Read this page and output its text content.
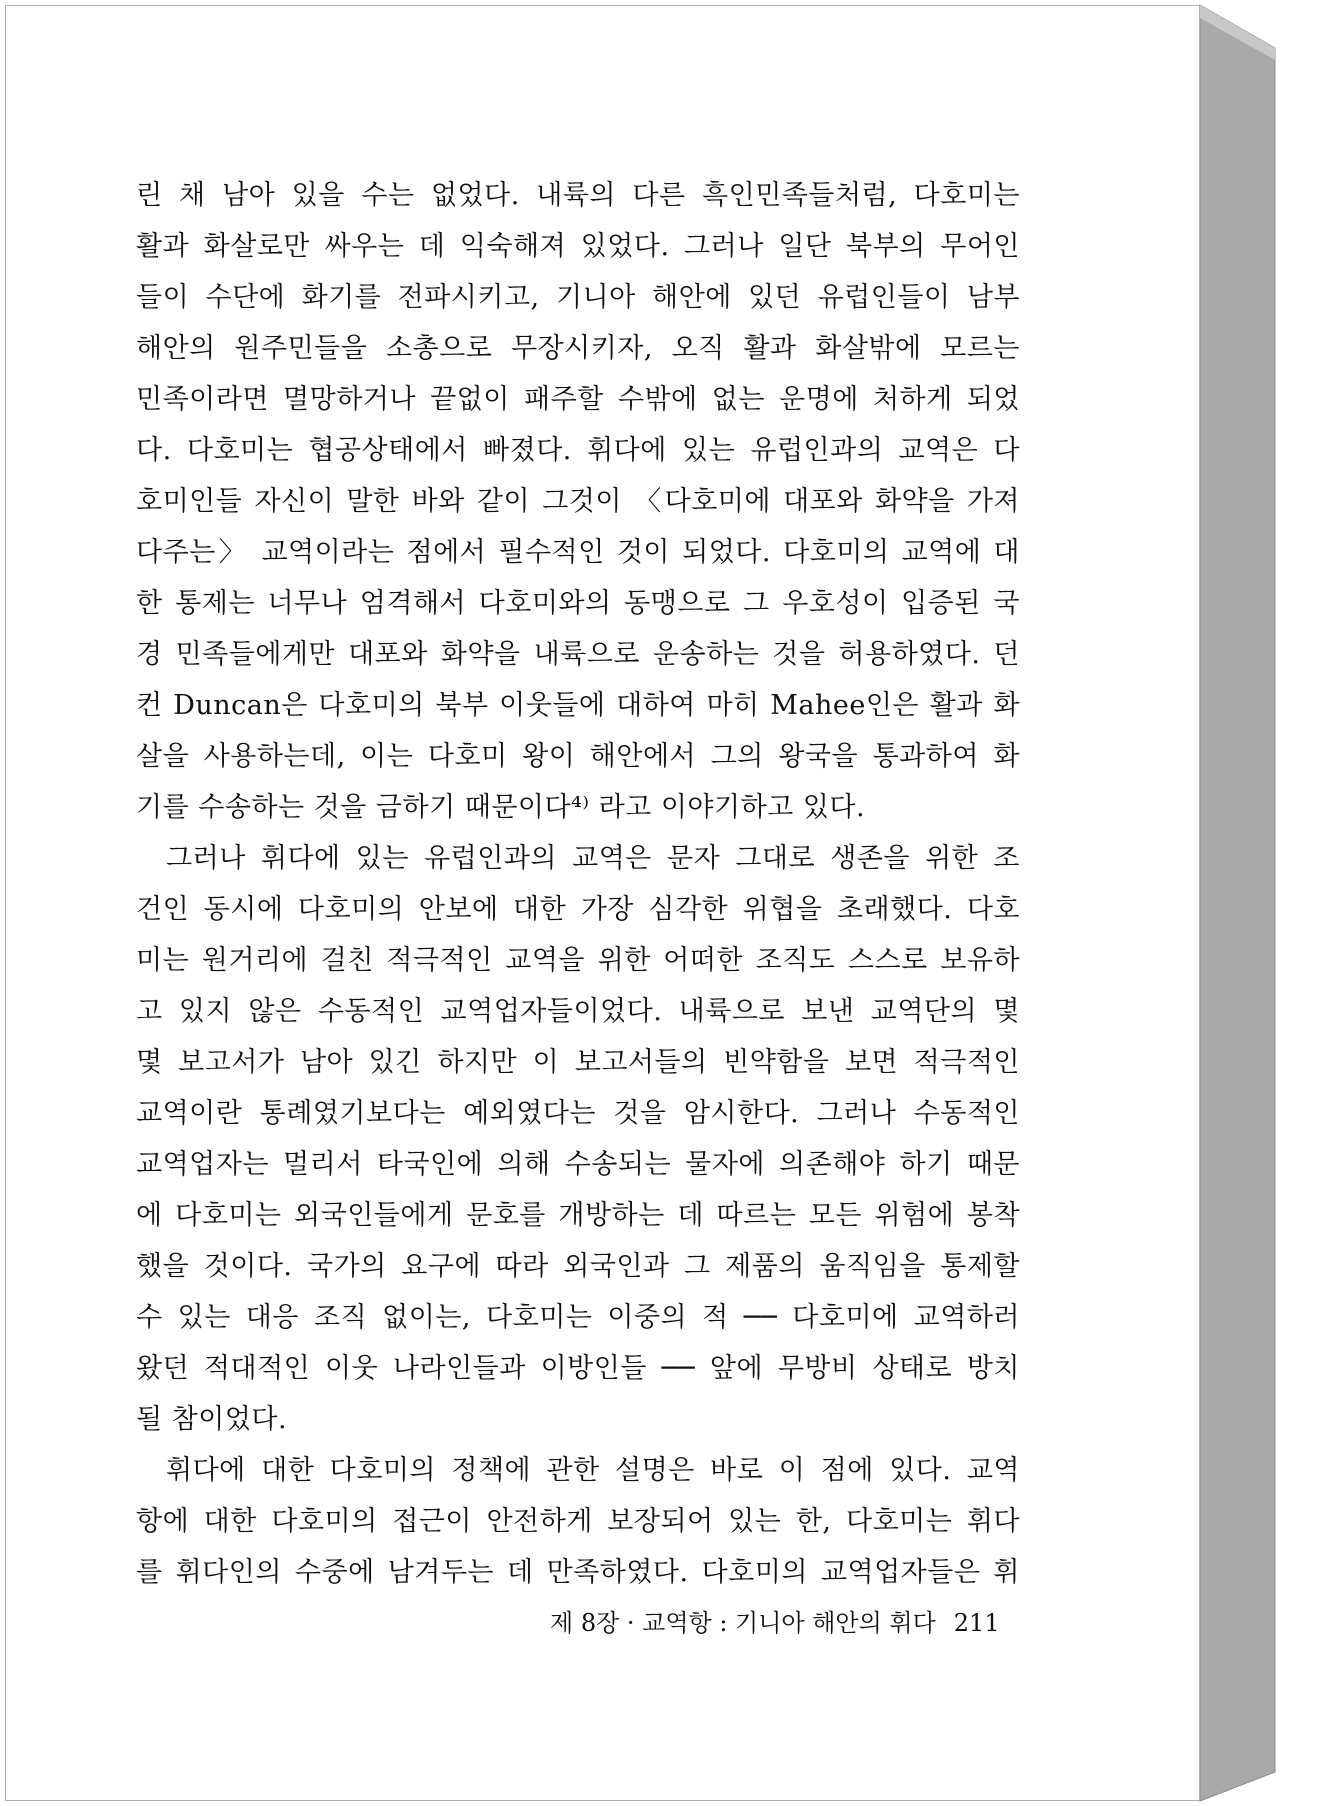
린 채 남아 있을 수는 없었다. 내륙의 다른 흑인민족들처럼, 다호미는
활과 화살로만 싸우는 데 익숙해져 있었다. 그러나 일단 북부의 무어인
들이 수단에 화기를 전파시키고, 기니아 해안에 있던 유럽인들이 남부
해안의 원주민들을 소총으로 무장시키자, 오직 활과 화살밖에 모르는
민족이라면 멸망하거나 끝없이 패주할 수밖에 없는 운명에 처하게 되었
다. 다호미는 협공상태에서 빠졌다. 휘다에 있는 유럽인과의 교역은 다
호미인들 자신이 말한 바와 같이 그것이 〈다호미에 대포와 화약을 가져
다주는〉 교역이라는 점에서 필수적인 것이 되었다. 다호미의 교역에 대
한 통제는 너무나 엄격해서 다호미와의 동맹으로 그 우호성이 입증된 국
경 민족들에게만 대포와 화약을 내륙으로 운송하는 것을 허용하였다. 던
컨 Duncan은 다호미의 북부 이웃들에 대하여 마히 Mahee인은 활과 화
살을 사용하는데, 이는 다호미 왕이 해안에서 그의 왕국을 통과하여 화
기를 수송하는 것을 금하기 때문이다⁴⁾ 라고 이야기하고 있다.
그러나 휘다에 있는 유럽인과의 교역은 문자 그대로 생존을 위한 조
건인 동시에 다호미의 안보에 대한 가장 심각한 위협을 초래했다. 다호
미는 원거리에 걸친 적극적인 교역을 위한 어떠한 조직도 스스로 보유하
고 있지 않은 수동적인 교역업자들이었다. 내륙으로 보낸 교역단의 몇
몇 보고서가 남아 있긴 하지만 이 보고서들의 빈약함을 보면 적극적인
교역이란 통례였기보다는 예외였다는 것을 암시한다. 그러나 수동적인
교역업자는 멀리서 타국인에 의해 수송되는 물자에 의존해야 하기 때문
에 다호미는 외국인들에게 문호를 개방하는 데 따르는 모든 위험에 봉착
했을 것이다. 국가의 요구에 따라 외국인과 그 제품의 움직임을 통제할
수 있는 대응 조직 없이는, 다호미는 이중의 적 ── 다호미에 교역하러
왔던 적대적인 이웃 나라인들과 이방인들 ── 앞에 무방비 상태로 방치
될 참이었다.
휘다에 대한 다호미의 정책에 관한 설명은 바로 이 점에 있다. 교역
항에 대한 다호미의 접근이 안전하게 보장되어 있는 한, 다호미는 휘다
를 휘다인의 수중에 남겨두는 데 만족하였다. 다호미의 교역업자들은 휘
제 8장 · 교역항 : 기니아 해안의 휘다 211
